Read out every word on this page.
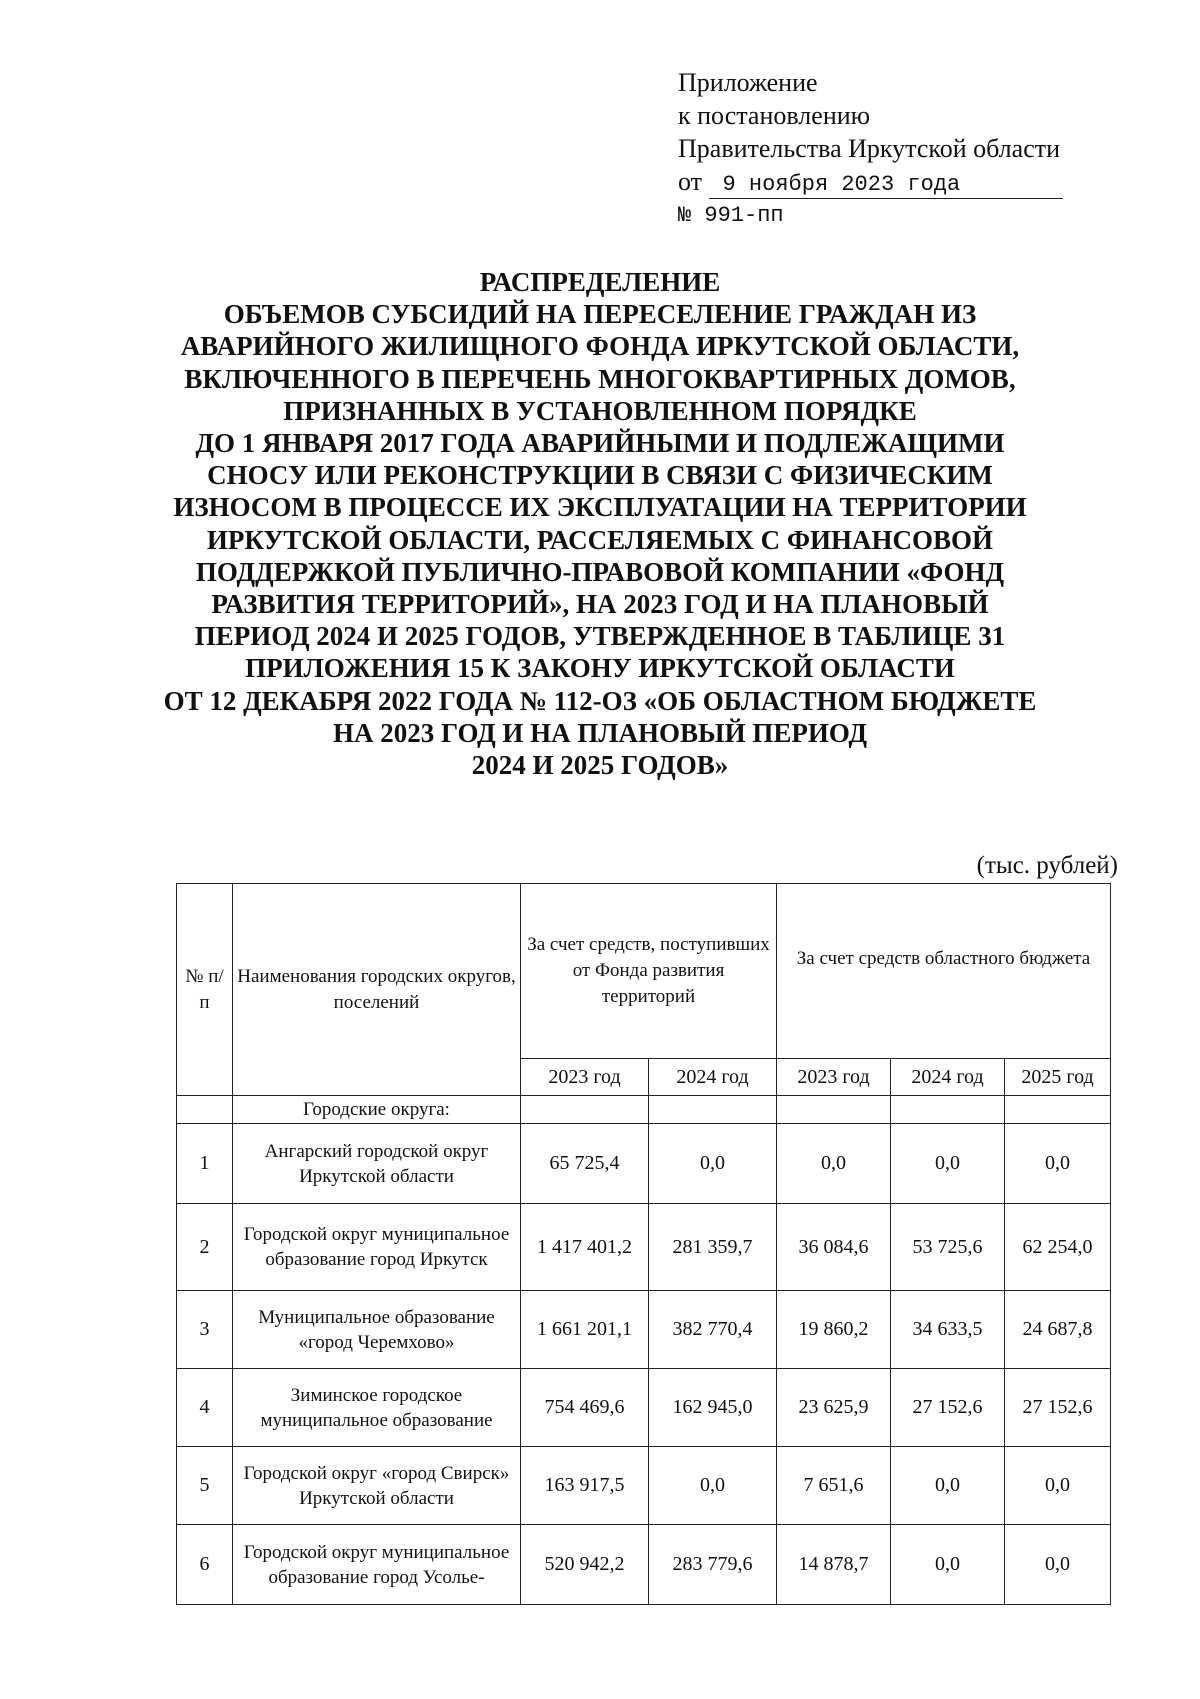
Приложение
к постановлению
Правительства Иркутской области
от 9 ноября 2023 года
№ 991-пп
РАСПРЕДЕЛЕНИЕ
ОБЪЕМОВ СУБСИДИЙ НА ПЕРЕСЕЛЕНИЕ ГРАЖДАН ИЗ
АВАРИЙНОГО ЖИЛИЩНОГО ФОНДА ИРКУТСКОЙ ОБЛАСТИ,
ВКЛЮЧЕННОГО В ПЕРЕЧЕНЬ МНОГОКВАРТИРНЫХ ДОМОВ,
ПРИЗНАННЫХ В УСТАНОВЛЕННОМ ПОРЯДКЕ
ДО 1 ЯНВАРЯ 2017 ГОДА АВАРИЙНЫМИ И ПОДЛЕЖАЩИМИ
СНОСУ ИЛИ РЕКОНСТРУКЦИИ В СВЯЗИ С ФИЗИЧЕСКИМ
ИЗНОСОМ В ПРОЦЕССЕ ИХ ЭКСПЛУАТАЦИИ НА ТЕРРИТОРИИ
ИРКУТСКОЙ ОБЛАСТИ, РАССЕЛЯЕМЫХ С ФИНАНСОВОЙ
ПОДДЕРЖКОЙ ПУБЛИЧНО-ПРАВОВОЙ КОМПАНИИ «ФОНД
РАЗВИТИЯ ТЕРРИТОРИЙ», НА 2023 ГОД И НА ПЛАНОВЫЙ
ПЕРИОД 2024 И 2025 ГОДОВ, УТВЕРЖДЕННОЕ В ТАБЛИЦЕ 31
ПРИЛОЖЕНИЯ 15 К ЗАКОНУ ИРКУТСКОЙ ОБЛАСТИ
ОТ 12 ДЕКАБРЯ 2022 ГОДА № 112-ОЗ «ОБ ОБЛАСТНОМ БЮДЖЕТЕ
НА 2023 ГОД И НА ПЛАНОВЫЙ ПЕРИОД
2024 И 2025 ГОДОВ»
(тыс. рублей)
№ п/п	Наименования городских округов, поселений	За счет средств, поступивших от Фонда развития территорий		За счет средств областного бюджета		
		2023 год	2024 год	2023 год	2024 год	2025 год
	Городские округа:					
1	Ангарский городской округ Иркутской области	65 725,4	0,0	0,0	0,0	0,0
2	Городской округ муниципальное образование город Иркутск	1 417 401,2	281 359,7	36 084,6	53 725,6	62 254,0
3	Муниципальное образование «город Черемхово»	1 661 201,1	382 770,4	19 860,2	34 633,5	24 687,8
4	Зиминское городское муниципальное образование	754 469,6	162 945,0	23 625,9	27 152,6	27 152,6
5	Городской округ «город Свирск» Иркутской области	163 917,5	0,0	7 651,6	0,0	0,0
6	Городской округ муниципальное образование город Усолье-	520 942,2	283 779,6	14 878,7	0,0	0,0
